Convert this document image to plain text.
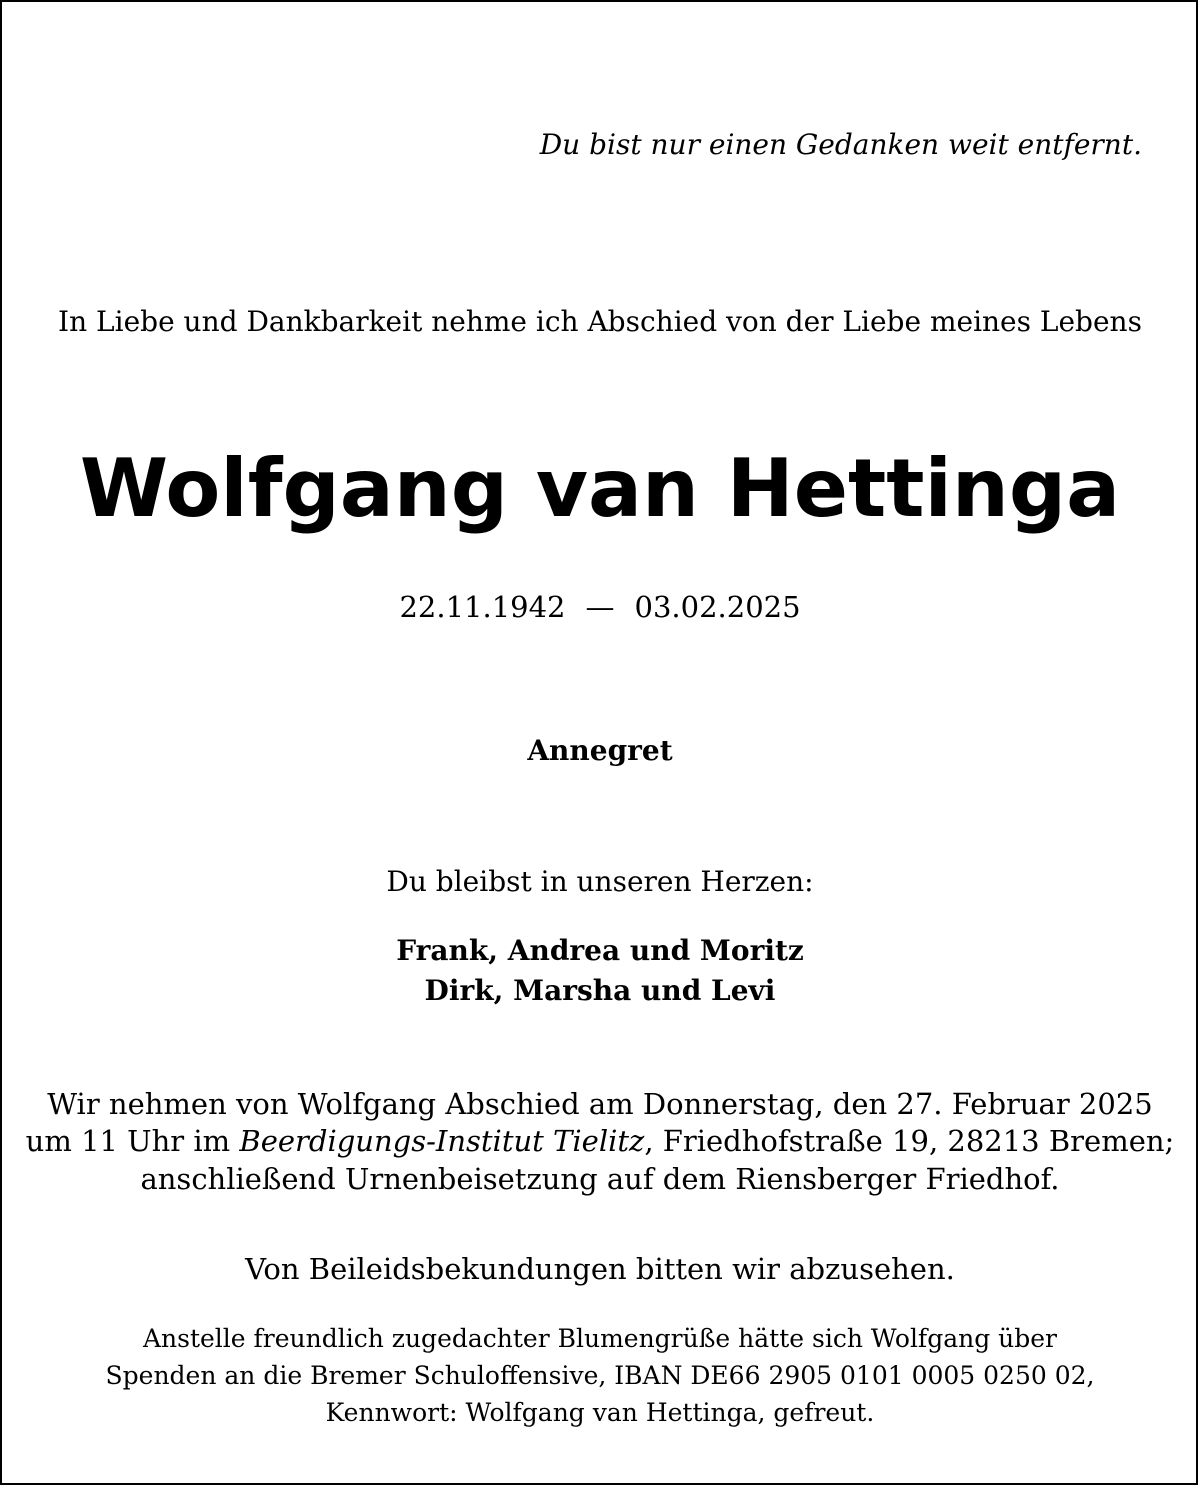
Du bist nur einen Gedanken weit entfernt.
In Liebe und Dankbarkeit nehme ich Abschied von der Liebe meines Lebens
Wolfgang van Hettinga
22.11.1942 — 03.02.2025
Annegret
Du bleibst in unseren Herzen:
Frank, Andrea und Moritz
Dirk, Marsha und Levi
Wir nehmen von Wolfgang Abschied am Donnerstag, den 27. Februar 2025
um 11 Uhr im Beerdigungs-Institut Tielitz, Friedhofstraße 19, 28213 Bremen;
anschließend Urnenbeisetzung auf dem Riensberger Friedhof.
Von Beileidsbekundungen bitten wir abzusehen.
Anstelle freundlich zugedachter Blumengrüße hätte sich Wolfgang über
Spenden an die Bremer Schuloffensive, IBAN DE66 2905 0101 0005 0250 02,
Kennwort: Wolfgang van Hettinga, gefreut.
